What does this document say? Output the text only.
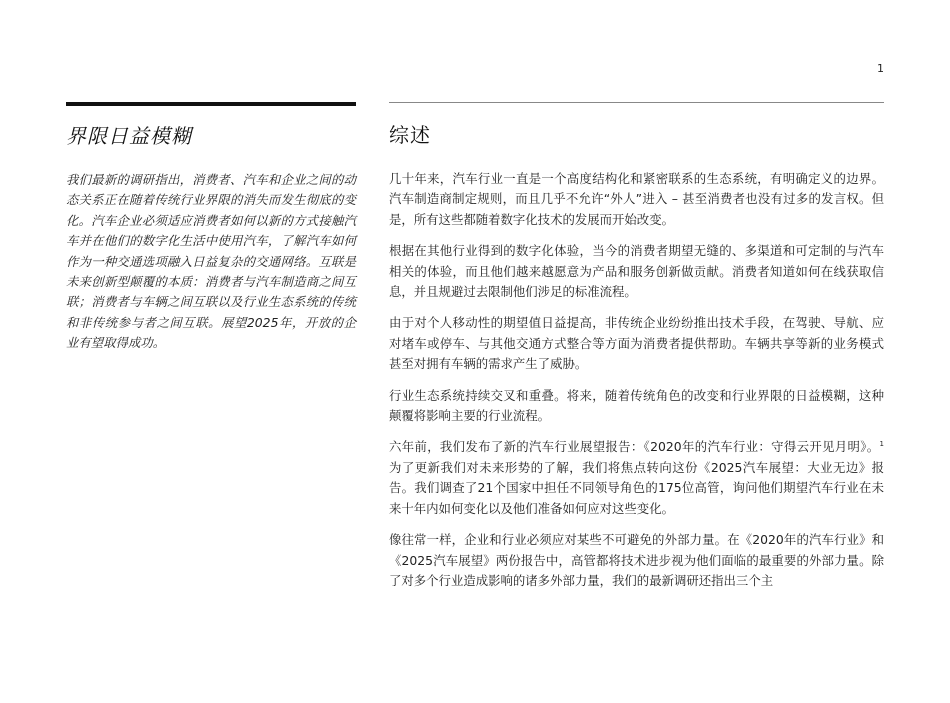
1
界限日益模糊
我们最新的调研指出，消费者、汽车和企业之间的动态关系正在随着传统行业界限的消失而发生彻底的变化。汽车企业必须适应消费者如何以新的方式接触汽车并在他们的数字化生活中使用汽车，了解汽车如何作为一种交通选项融入日益复杂的交通网络。互联是未来创新型颠覆的本质：消费者与汽车制造商之间互联；消费者与车辆之间互联以及行业生态系统的传统和非传统参与者之间互联。展望2025年，开放的企业有望取得成功。
综述

几十年来，汽车行业一直是一个高度结构化和紧密联系的生态系统，有明确定义的边界。汽车制造商制定规则，而且几乎不允许“外人”进入 – 甚至消费者也没有过多的发言权。但是，所有这些都随着数字化技术的发展而开始改变。

根据在其他行业得到的数字化体验，当今的消费者期望无缝的、多渠道和可定制的与汽车相关的体验，而且他们越来越愿意为产品和服务创新做贡献。消费者知道如何在线获取信息，并且规避过去限制他们涉足的标准流程。

由于对个人移动性的期望值日益提高，非传统企业纷纷推出技术手段，在驾驶、导航、应对堵车或停车、与其他交通方式整合等方面为消费者提供帮助。车辆共享等新的业务模式甚至对拥有车辆的需求产生了威胁。

行业生态系统持续交叉和重叠。将来，随着传统角色的改变和行业界限的日益模糊，这种颠覆将影响主要的行业流程。

六年前，我们发布了新的汽车行业展望报告：《2020年的汽车行业：守得云开见月明》。$^1$ 为了更新我们对未来形势的了解，我们将焦点转向这份《2025汽车展望：大业无边》报告。我们调查了21个国家中担任不同领导角色的175位高管，询问他们期望汽车行业在未来十年内如何变化以及他们准备如何应对这些变化。

像往常一样，企业和行业必须应对某些不可避免的外部力量。在《2020年的汽车行业》和《2025汽车展望》两份报告中，高管都将技术进步视为他们面临的最重要的外部力量。除了对多个行业造成影响的诸多外部力量，我们的最新调研还指出三个主
